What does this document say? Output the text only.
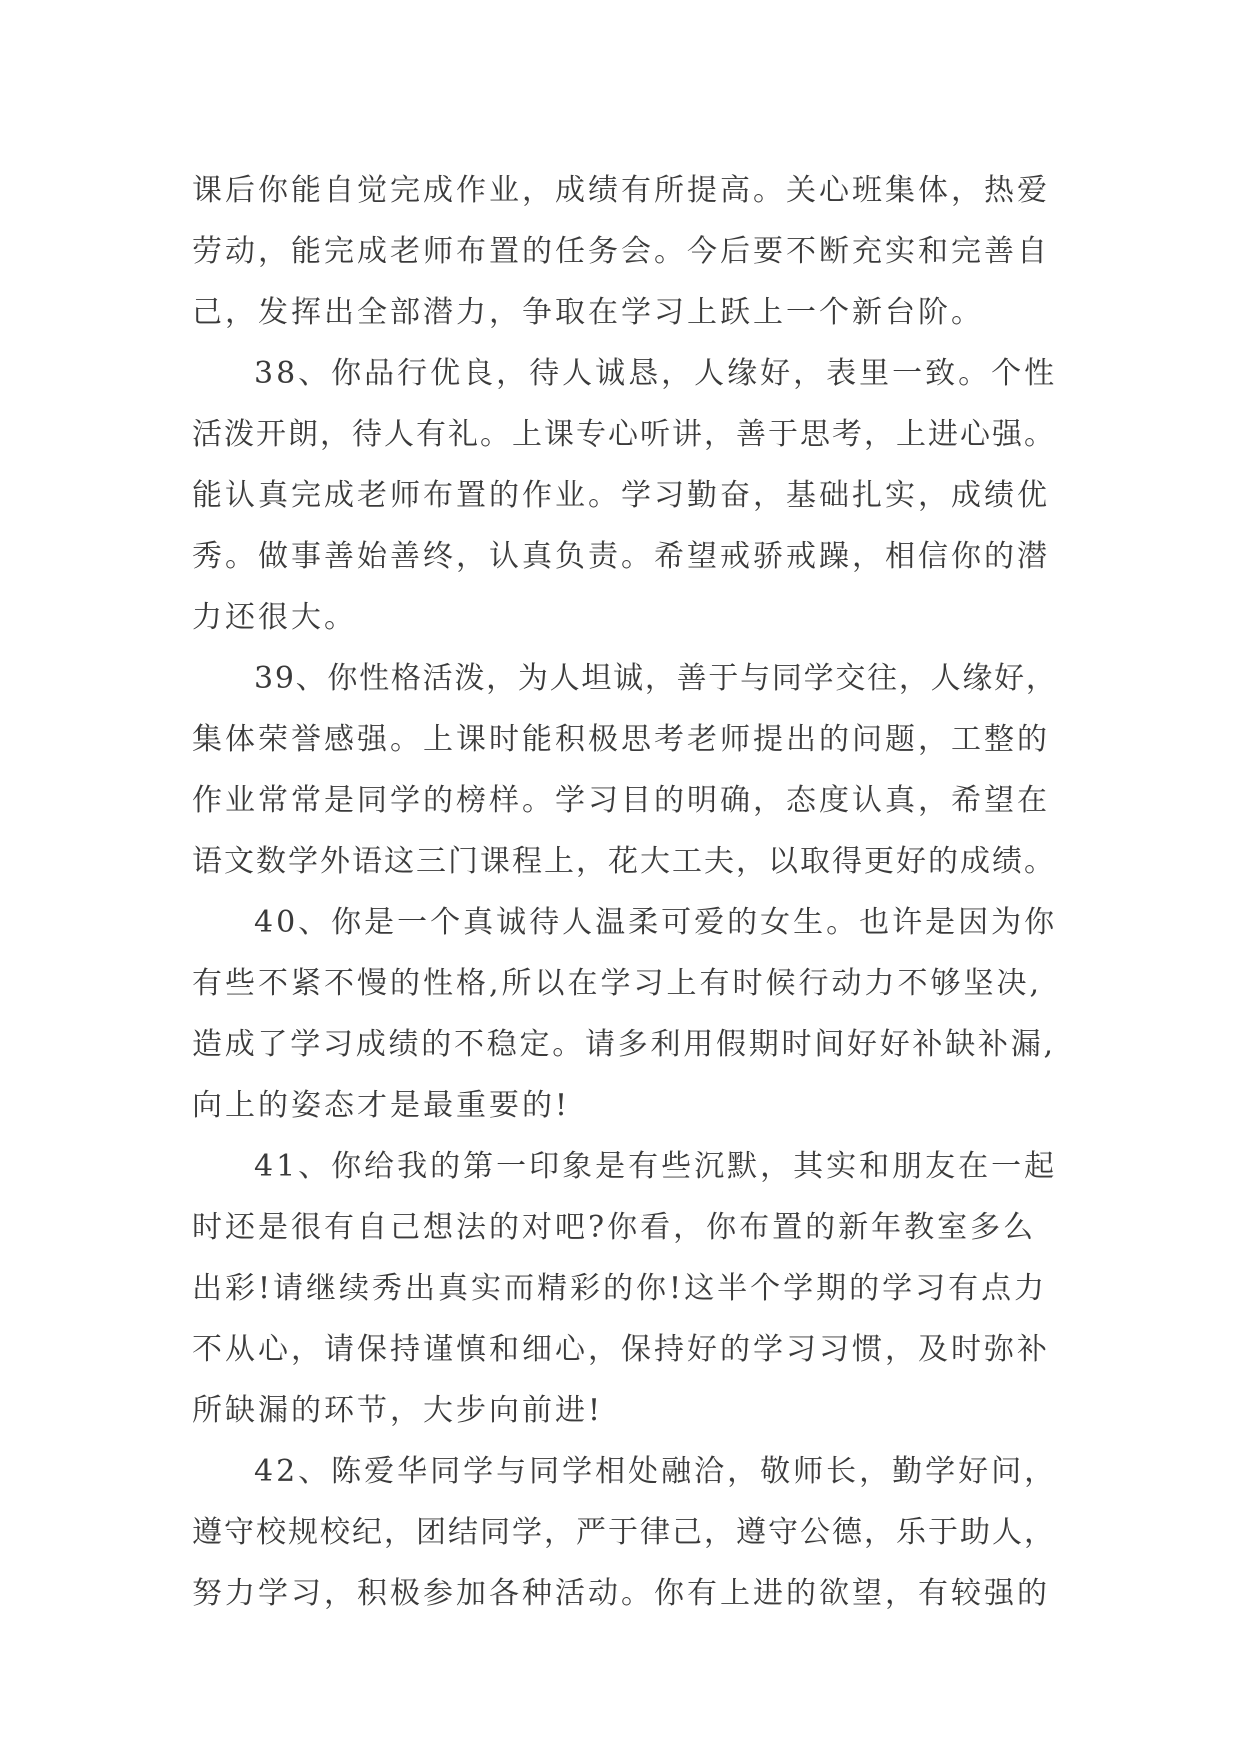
课后你能自觉完成作业，成绩有所提高。关心班集体，热爱
劳动，能完成老师布置的任务会。今后要不断充实和完善自
己，发挥出全部潜力，争取在学习上跃上一个新台阶。

38、你品行优良，待人诚恳，人缘好，表里一致。个性
活泼开朗，待人有礼。上课专心听讲，善于思考，上进心强。
能认真完成老师布置的作业。学习勤奋，基础扎实，成绩优
秀。做事善始善终，认真负责。希望戒骄戒躁，相信你的潜
力还很大。

39、你性格活泼，为人坦诚，善于与同学交往，人缘好，
集体荣誉感强。上课时能积极思考老师提出的问题，工整的
作业常常是同学的榜样。学习目的明确，态度认真，希望在
语文数学外语这三门课程上，花大工夫，以取得更好的成绩。

40、你是一个真诚待人温柔可爱的女生。也许是因为你
有些不紧不慢的性格,所以在学习上有时候行动力不够坚决,
造成了学习成绩的不稳定。请多利用假期时间好好补缺补漏,
向上的姿态才是最重要的!

41、你给我的第一印象是有些沉默，其实和朋友在一起
时还是很有自己想法的对吧?你看，你布置的新年教室多么
出彩!请继续秀出真实而精彩的你!这半个学期的学习有点力
不从心，请保持谨慎和细心，保持好的学习习惯，及时弥补
所缺漏的环节，大步向前进!

42、陈爱华同学与同学相处融洽，敬师长，勤学好问，
遵守校规校纪，团结同学，严于律己，遵守公德，乐于助人，
努力学习，积极参加各种活动。你有上进的欲望，有较强的
